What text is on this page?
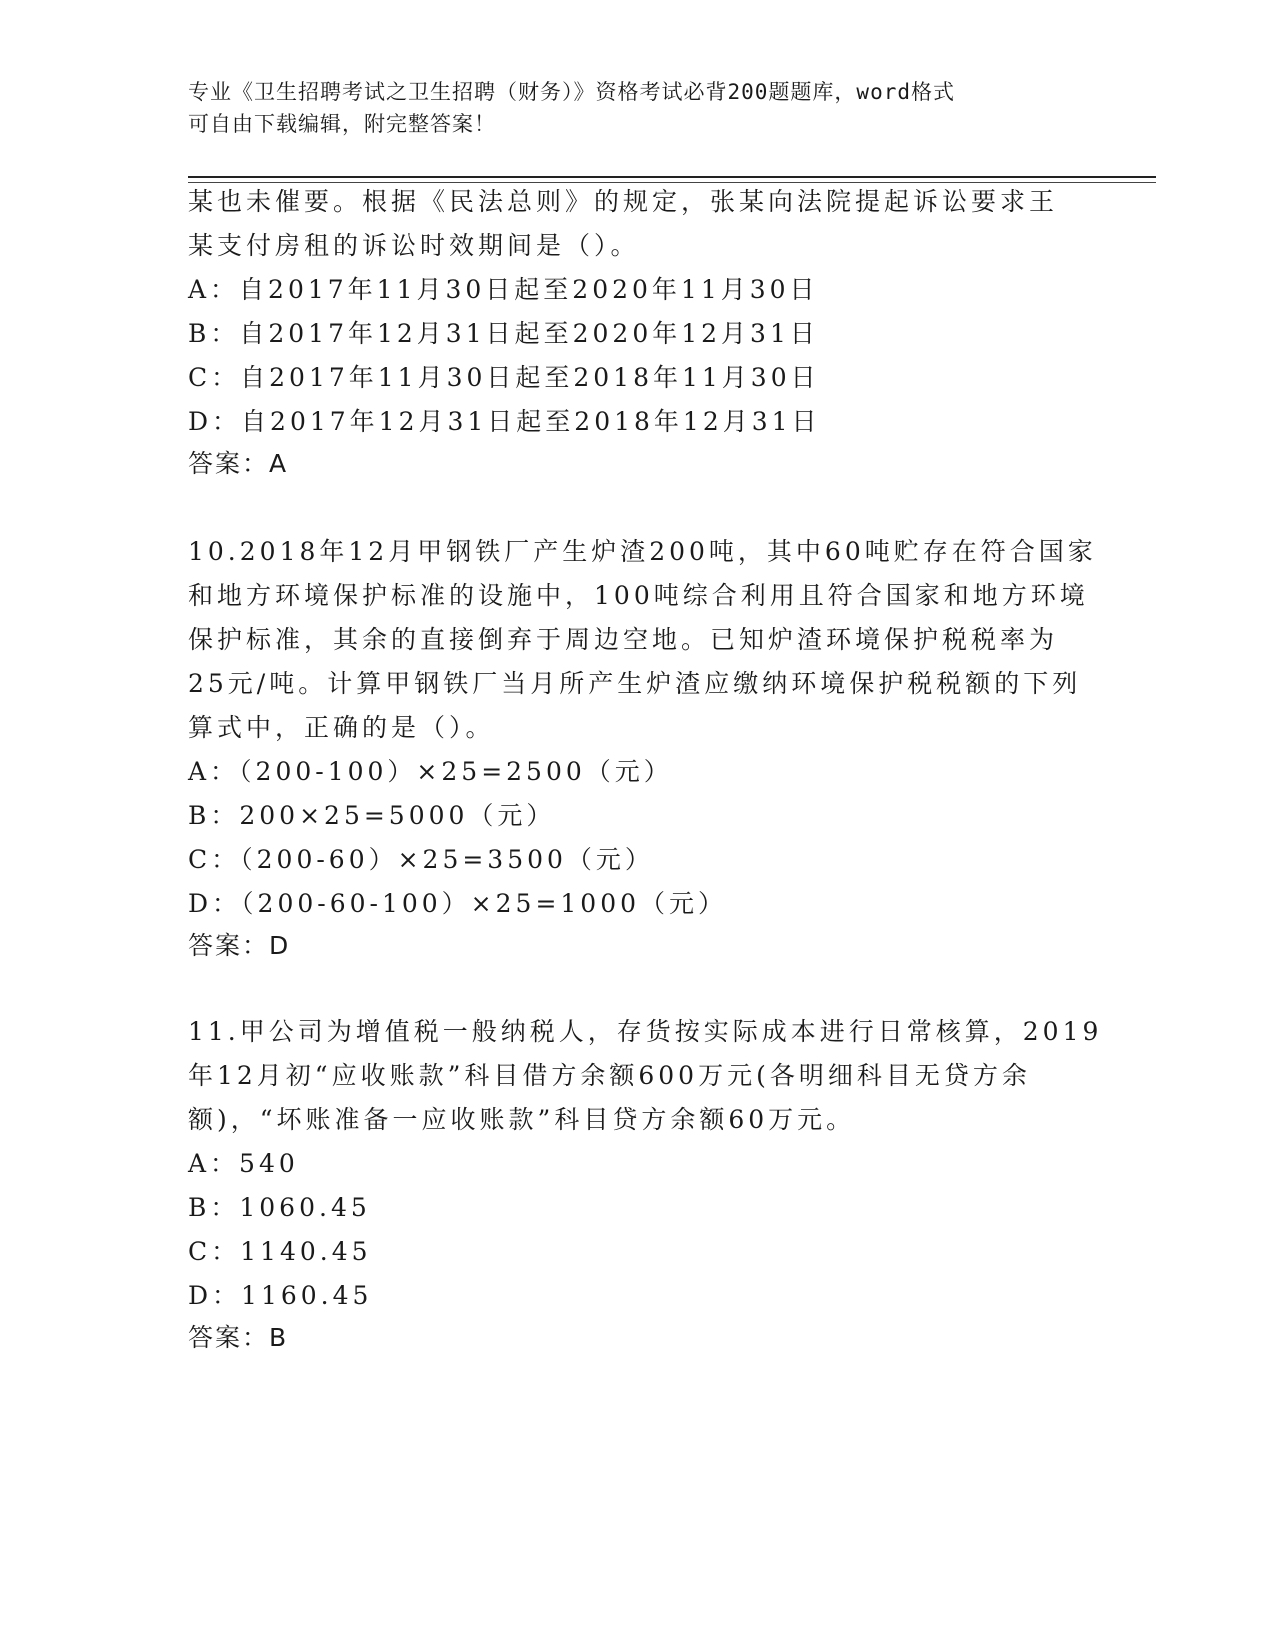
专业《卫生招聘考试之卫生招聘（财务）》资格考试必背200题题库，word格式
可自由下载编辑，附完整答案！
某也未催要。根据《民法总则》的规定，张某向法院提起诉讼要求王
某支付房租的诉讼时效期间是（）。
A：自2017年11月30日起至2020年11月30日
B：自2017年12月31日起至2020年12月31日
C：自2017年11月30日起至2018年11月30日
D：自2017年12月31日起至2018年12月31日
答案：A
10.2018年12月甲钢铁厂产生炉渣200吨，其中60吨贮存在符合国家
和地方环境保护标准的设施中，100吨综合利用且符合国家和地方环境
保护标准，其余的直接倒弃于周边空地。已知炉渣环境保护税税率为
25元/吨。计算甲钢铁厂当月所产生炉渣应缴纳环境保护税税额的下列
算式中，正确的是（）。
A：（200-100）×25=2500（元）
B：200×25=5000（元）
C：（200-60）×25=3500（元）
D：（200-60-100）×25=1000（元）
答案：D
11.甲公司为增值税一般纳税人，存货按实际成本进行日常核算，2019
年12月初“应收账款”科目借方余额600万元(各明细科目无贷方余
额)，“坏账准备一应收账款”科目贷方余额60万元。
A：540
B：1060.45
C：1140.45
D：1160.45
答案：B
